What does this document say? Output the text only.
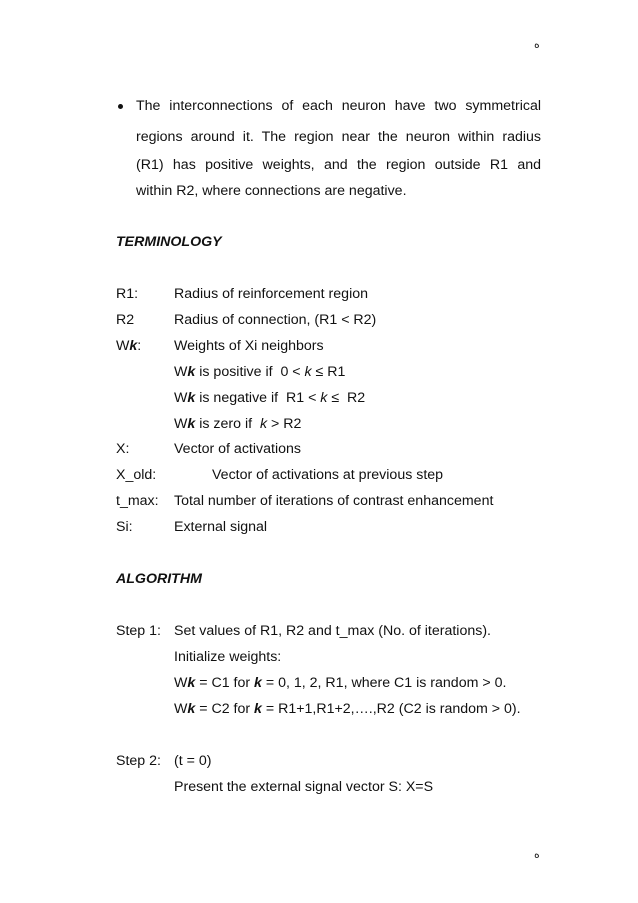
ه
The interconnections of each neuron have two symmetrical
regions around it. The region near the neuron within radius
(R1) has positive weights, and the region outside R1 and
within R2, where connections are negative.
TERMINOLOGY
R1:	Radius of reinforcement region
R2	Radius of connection, (R1 < R2)
Wk: Weights of Xi neighbors
Wk is positive if  0 < k ≤ R1
Wk is negative if  R1 < k ≤  R2
Wk is zero if  k > R2
X:	Vector of activations
X_old:	Vector of activations at previous step
t_max: Total number of iterations of contrast enhancement
Si:	External signal
ALGORITHM
Step 1: Set values of R1, R2 and t_max (No. of iterations).
Initialize weights:
Wk = C1 for k = 0, 1, 2, R1, where C1 is random > 0.
Wk = C2 for k = R1+1,R1+2,….,R2 (C2 is random > 0).
Step 2: (t = 0)
Present the external signal vector S: X=S
ه
